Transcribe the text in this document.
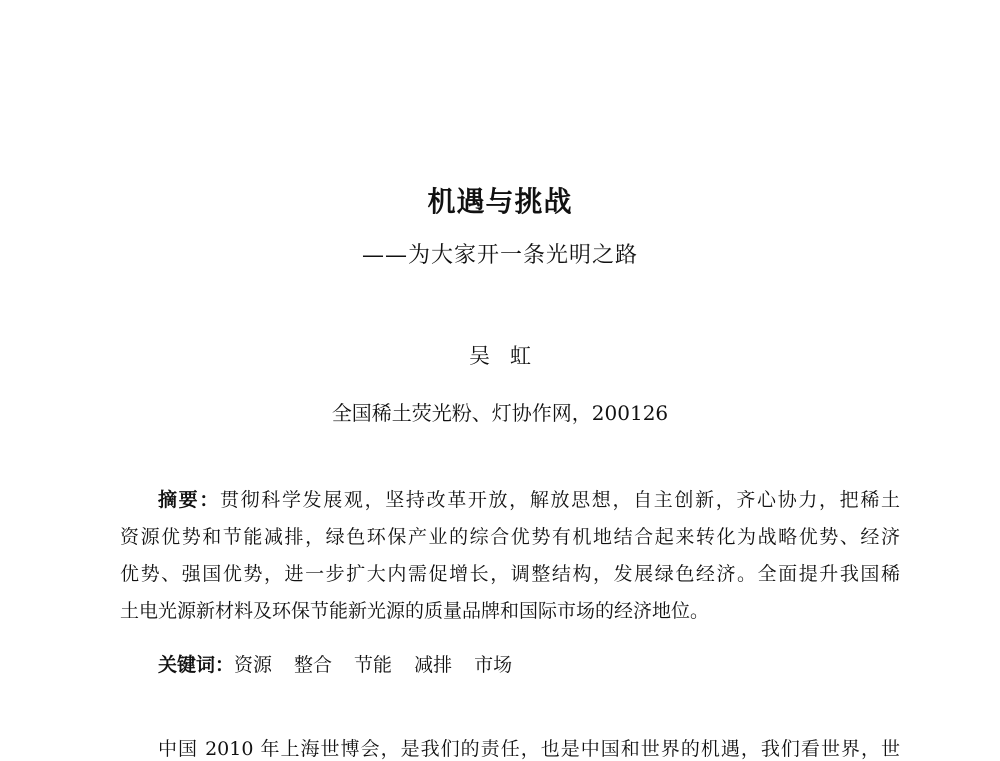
机遇与挑战
——为大家开一条光明之路
吴虹
全国稀土荧光粉、灯协作网，200126
摘要：贯彻科学发展观，坚持改革开放，解放思想，自主创新，齐心协力，把稀土
资源优势和节能减排，绿色环保产业的综合优势有机地结合起来转化为战略优势、经济
优势、强国优势，进一步扩大内需促增长，调整结构，发展绿色经济。全面提升我国稀
土电光源新材料及环保节能新光源的质量品牌和国际市场的经济地位。
关键词：资源 整合 节能 减排 市场
中国 2010 年上海世博会，是我们的责任，也是中国和世界的机遇，我们看世界，世
